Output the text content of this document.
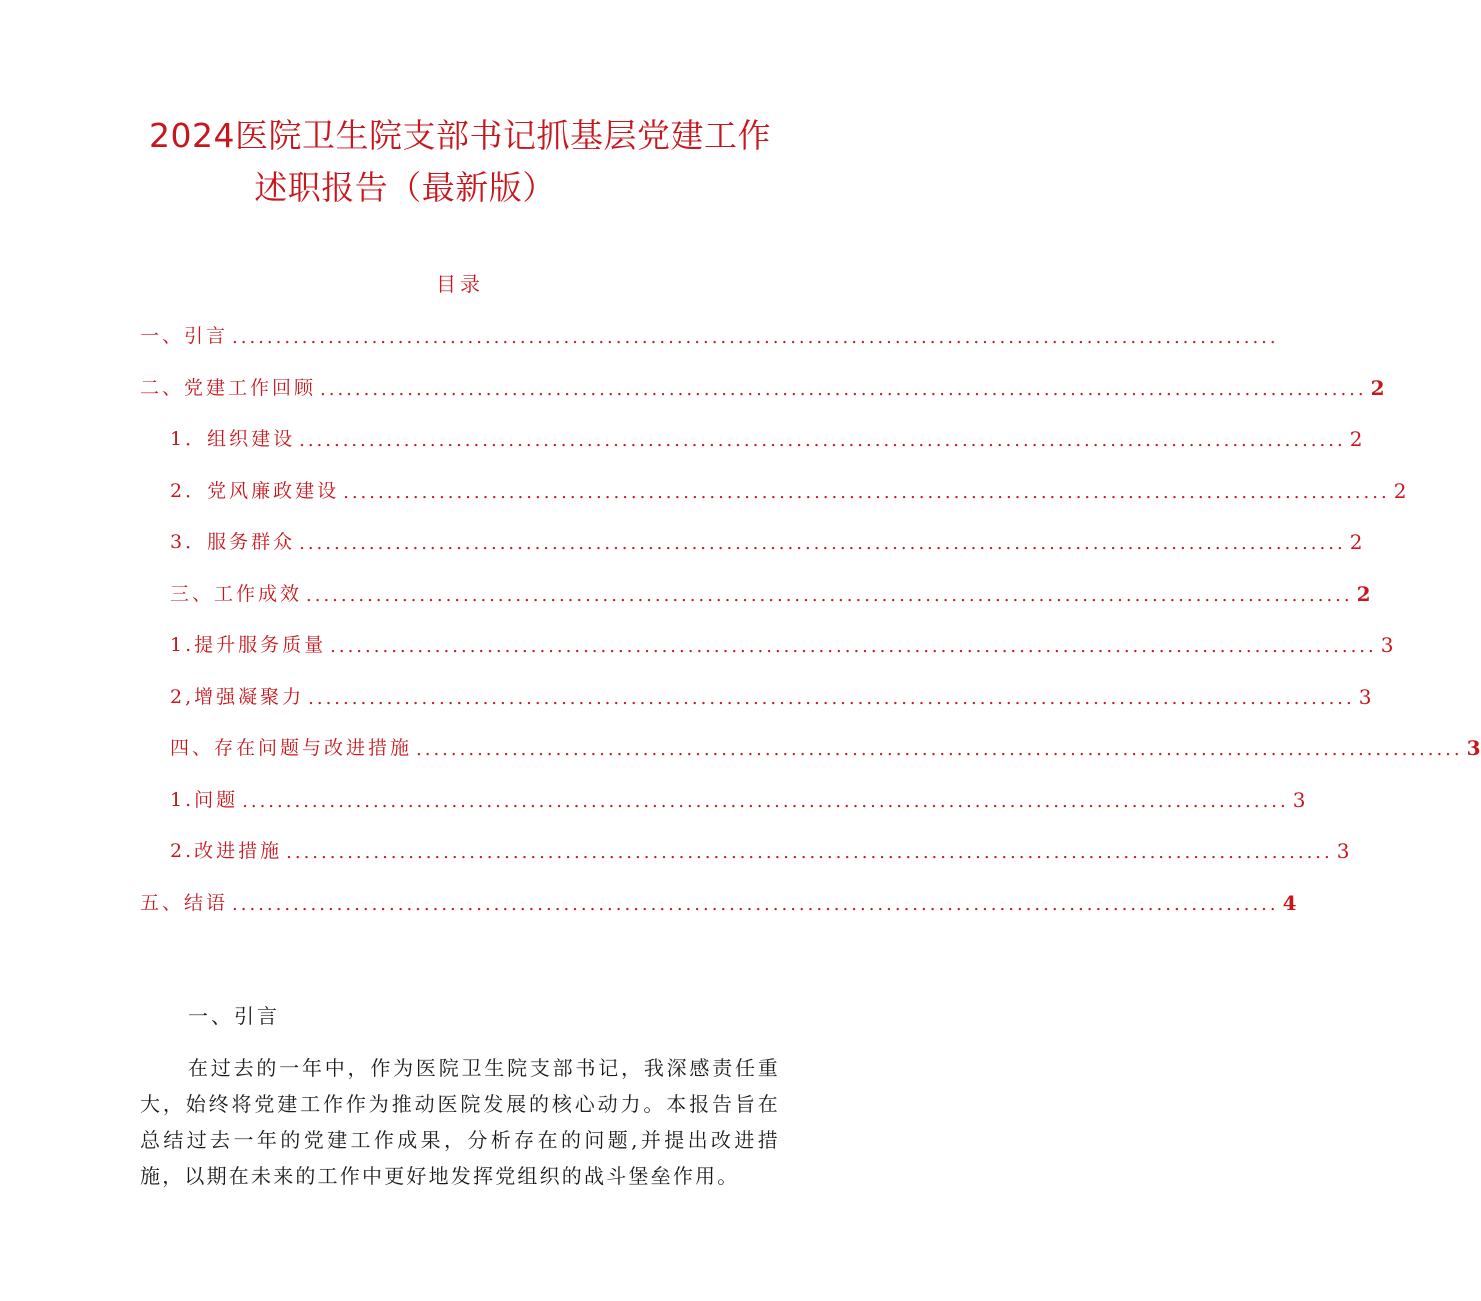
2024医院卫生院支部书记抓基层党建工作
述职报告（最新版）
目录
一、引言 ........................................................................................................................
二、党建工作回顾 ........................................................................................................................ 2
1．组织建设 ........................................................................................................................ 2
2．党风廉政建设 ........................................................................................................................ 2
3．服务群众 ........................................................................................................................ 2
三、工作成效 ........................................................................................................................ 2
1.提升服务质量 ........................................................................................................................ 3
2,增强凝聚力 ........................................................................................................................ 3
四、存在问题与改进措施 ........................................................................................................................ 3
1.问题 ........................................................................................................................ 3
2.改进措施 ........................................................................................................................ 3
五、结语 ........................................................................................................................ 4
一、引言
在过去的一年中，作为医院卫生院支部书记，我深感责任重大，始终将党建工作作为推动医院发展的核心动力。本报告旨在总结过去一年的党建工作成果，分析存在的问题,并提出改进措施，以期在未来的工作中更好地发挥党组织的战斗堡垒作用。
